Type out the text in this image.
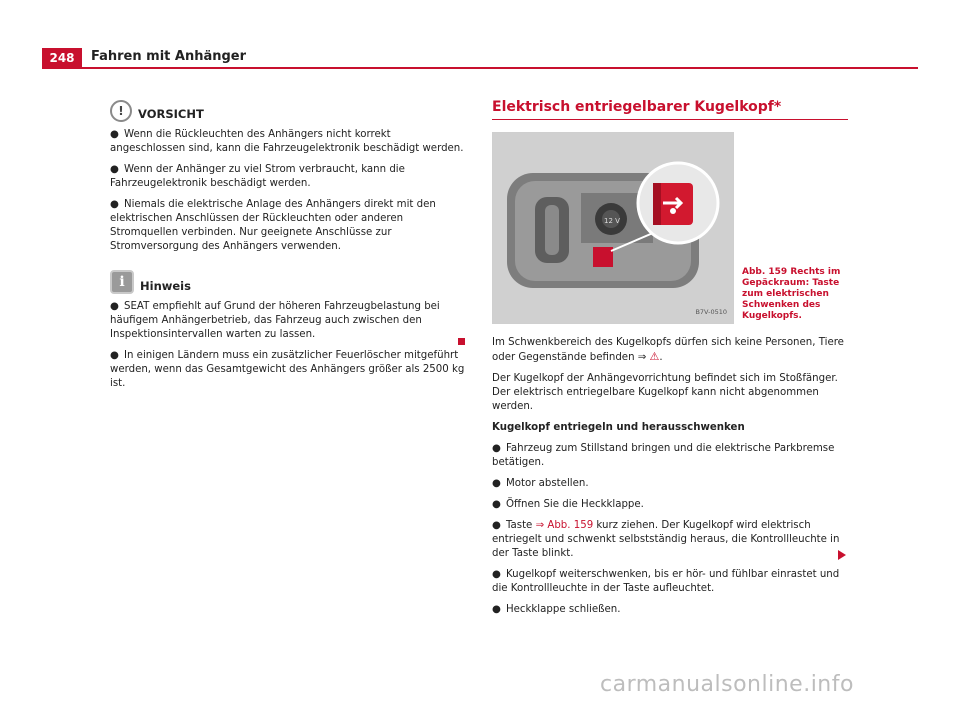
248	Fahren mit Anhänger
!	VORSICHT

● Wenn die Rückleuchten des Anhängers nicht korrekt angeschlossen sind, kann die Fahrzeugelektronik beschädigt werden.

● Wenn der Anhänger zu viel Strom verbraucht, kann die Fahrzeugelektronik beschädigt werden.

● Niemals die elektrische Anlage des Anhängers direkt mit den elektrischen Anschlüssen der Rückleuchten oder anderen Stromquellen verbinden. Nur geeignete Anschlüsse zur Stromversorgung des Anhängers verwenden.

i	Hinweis

● SEAT empfiehlt auf Grund der höheren Fahrzeugbelastung bei häufigem Anhängerbetrieb, das Fahrzeug auch zwischen den Inspektionsintervallen warten zu lassen.

● In einigen Ländern muss ein zusätzlicher Feuerlöscher mitgeführt werden, wenn das Gesamtgewicht des Anhängers größer als 2500 kg ist.

Elektrisch entriegelbarer Kugelkopf*
12 V
B7V-0510
Abb. 159 Rechts im Gepäckraum: Taste zum elektrischen Schwenken des Kugelkopfs.

Im Schwenkbereich des Kugelkopfs dürfen sich keine Personen, Tiere oder Gegenstände befinden ⇒ ⚠.

Der Kugelkopf der Anhängevorrichtung befindet sich im Stoßfänger. Der elektrisch entriegelbare Kugelkopf kann nicht abgenommen werden.

Kugelkopf entriegeln und herausschwenken

● Fahrzeug zum Stillstand bringen und die elektrische Parkbremse betätigen.

● Motor abstellen.

● Öffnen Sie die Heckklappe.

● Taste ⇒ Abb. 159 kurz ziehen. Der Kugelkopf wird elektrisch entriegelt und schwenkt selbstständig heraus, die Kontrollleuchte in der Taste blinkt.

● Kugelkopf weiterschwenken, bis er hör- und fühlbar einrastet und die Kontrollleuchte in der Taste aufleuchtet.

● Heckklappe schließen.

carmanualsonline.info
